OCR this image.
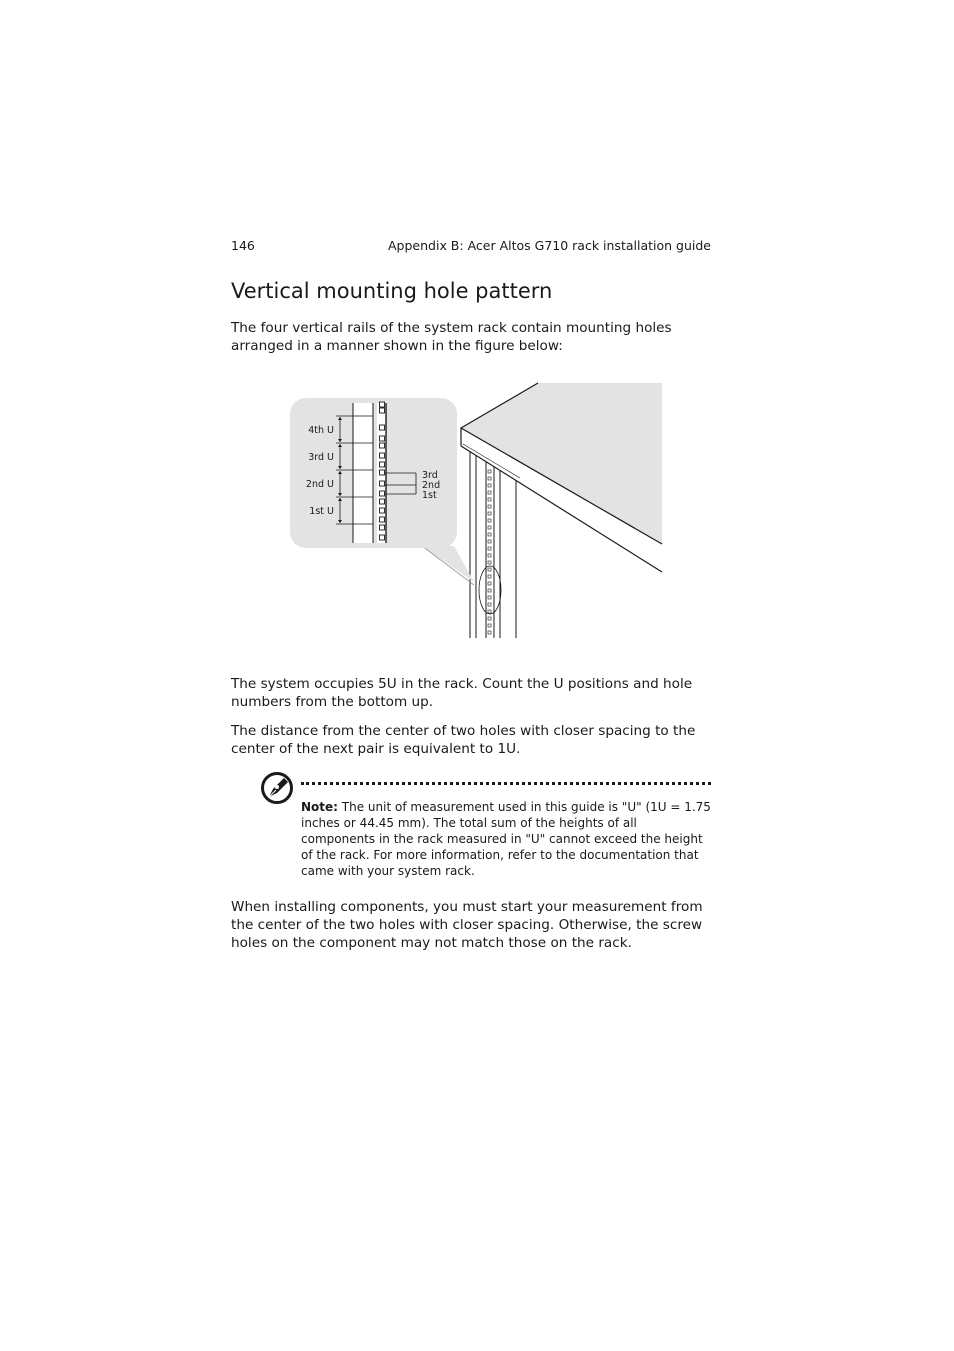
146	Appendix B: Acer Altos G710 rack installation guide
Vertical mounting hole pattern

The four vertical rails of the system rack contain mounting holes arranged in a manner shown in the figure below:

4th U
3rd U
2nd U
1st U
3rd
2nd
1st

The system occupies 5U in the rack. Count the U positions and hole numbers from the bottom up.

The distance from the center of two holes with closer spacing to the center of the next pair is equivalent to 1U.

Note: The unit of measurement used in this guide is "U" (1U = 1.75 inches or 44.45 mm). The total sum of the heights of all components in the rack measured in "U" cannot exceed the height of the rack. For more information, refer to the documentation that came with your system rack.

When installing components, you must start your measurement from the center of the two holes with closer spacing. Otherwise, the screw holes on the component may not match those on the rack.
